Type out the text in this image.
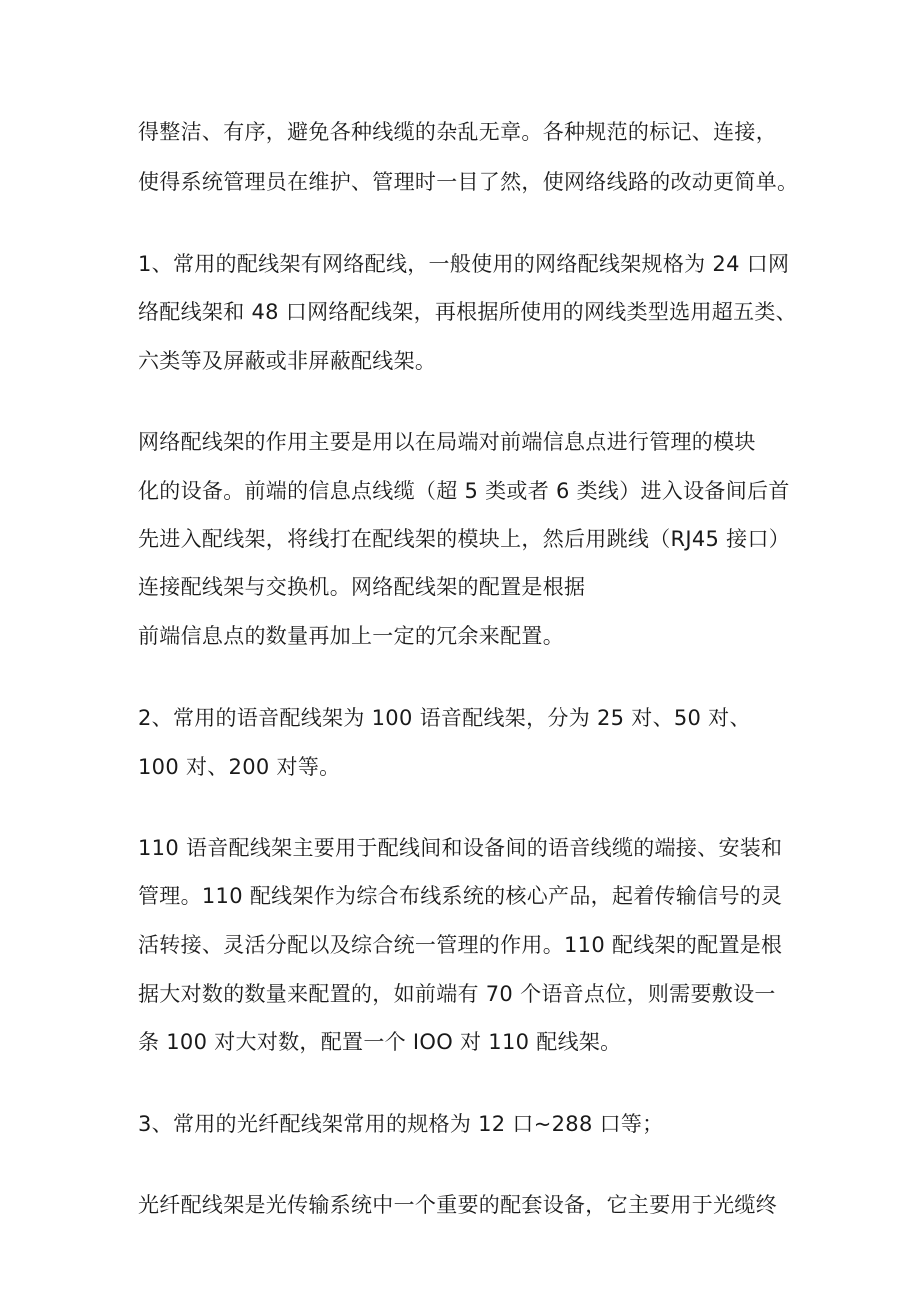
得整洁、有序，避免各种线缆的杂乱无章。各种规范的标记、连接，
使得系统管理员在维护、管理时一目了然，使网络线路的改动更简单。
1、常用的配线架有网络配线，一般使用的网络配线架规格为 24 口网
络配线架和 48 口网络配线架，再根据所使用的网线类型选用超五类、
六类等及屏蔽或非屏蔽配线架。
网络配线架的作用主要是用以在局端对前端信息点进行管理的模块
化的设备。前端的信息点线缆（超 5 类或者 6 类线）进入设备间后首
先进入配线架，将线打在配线架的模块上，然后用跳线（RJ45 接口）
连接配线架与交换机。网络配线架的配置是根据
前端信息点的数量再加上一定的冗余来配置。
2、常用的语音配线架为 100 语音配线架，分为 25 对、50 对、
100 对、200 对等。
110 语音配线架主要用于配线间和设备间的语音线缆的端接、安装和
管理。110 配线架作为综合布线系统的核心产品，起着传输信号的灵
活转接、灵活分配以及综合统一管理的作用。110 配线架的配置是根
据大对数的数量来配置的，如前端有 70 个语音点位，则需要敷设一
条 100 对大对数，配置一个 IOO 对 110 配线架。
3、常用的光纤配线架常用的规格为 12 口~288 口等；
光纤配线架是光传输系统中一个重要的配套设备，它主要用于光缆终
